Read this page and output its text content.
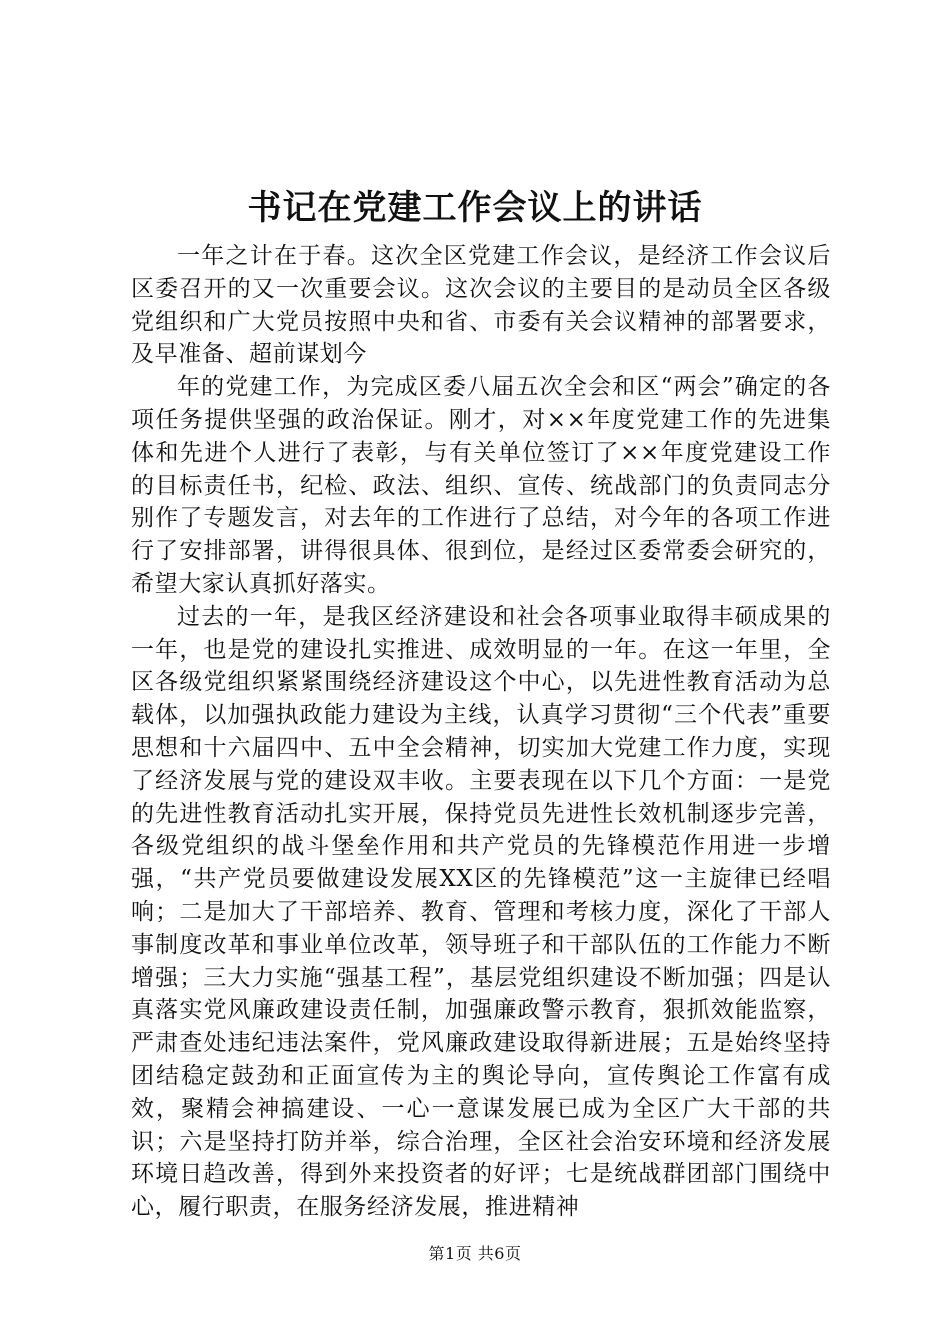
书记在党建工作会议上的讲话

一年之计在于春。这次全区党建工作会议，是经济工作会议后区委召开的又一次重要会议。这次会议的主要目的是动员全区各级党组织和广大党员按照中央和省、市委有关会议精神的部署要求，及早准备、超前谋划今

年的党建工作，为完成区委八届五次全会和区“两会”确定的各项任务提供坚强的政治保证。刚才，对××年度党建工作的先进集体和先进个人进行了表彰，与有关单位签订了××年度党建设工作的目标责任书，纪检、政法、组织、宣传、统战部门的负责同志分别作了专题发言，对去年的工作进行了总结，对今年的各项工作进行了安排部署，讲得很具体、很到位，是经过区委常委会研究的，希望大家认真抓好落实。

过去的一年，是我区经济建设和社会各项事业取得丰硕成果的一年，也是党的建设扎实推进、成效明显的一年。在这一年里，全区各级党组织紧紧围绕经济建设这个中心，以先进性教育活动为总载体，以加强执政能力建设为主线，认真学习贯彻“三个代表”重要思想和十六届四中、五中全会精神，切实加大党建工作力度，实现了经济发展与党的建设双丰收。主要表现在以下几个方面：一是党的先进性教育活动扎实开展，保持党员先进性长效机制逐步完善，各级党组织的战斗堡垒作用和共产党员的先锋模范作用进一步增强，“共产党员要做建设发展XX区的先锋模范”这一主旋律已经唱响；二是加大了干部培养、教育、管理和考核力度，深化了干部人事制度改革和事业单位改革，领导班子和干部队伍的工作能力不断增强；三大力实施“强基工程”，基层党组织建设不断加强；四是认真落实党风廉政建设责任制，加强廉政警示教育，狠抓效能监察，严肃查处违纪违法案件，党风廉政建设取得新进展；五是始终坚持团结稳定鼓劲和正面宣传为主的舆论导向，宣传舆论工作富有成效，聚精会神搞建设、一心一意谋发展已成为全区广大干部的共识；六是坚持打防并举，综合治理，全区社会治安环境和经济发展环境日趋改善，得到外来投资者的好评；七是统战群团部门围绕中心，履行职责，在服务经济发展，推进精神

第1页 共6页
